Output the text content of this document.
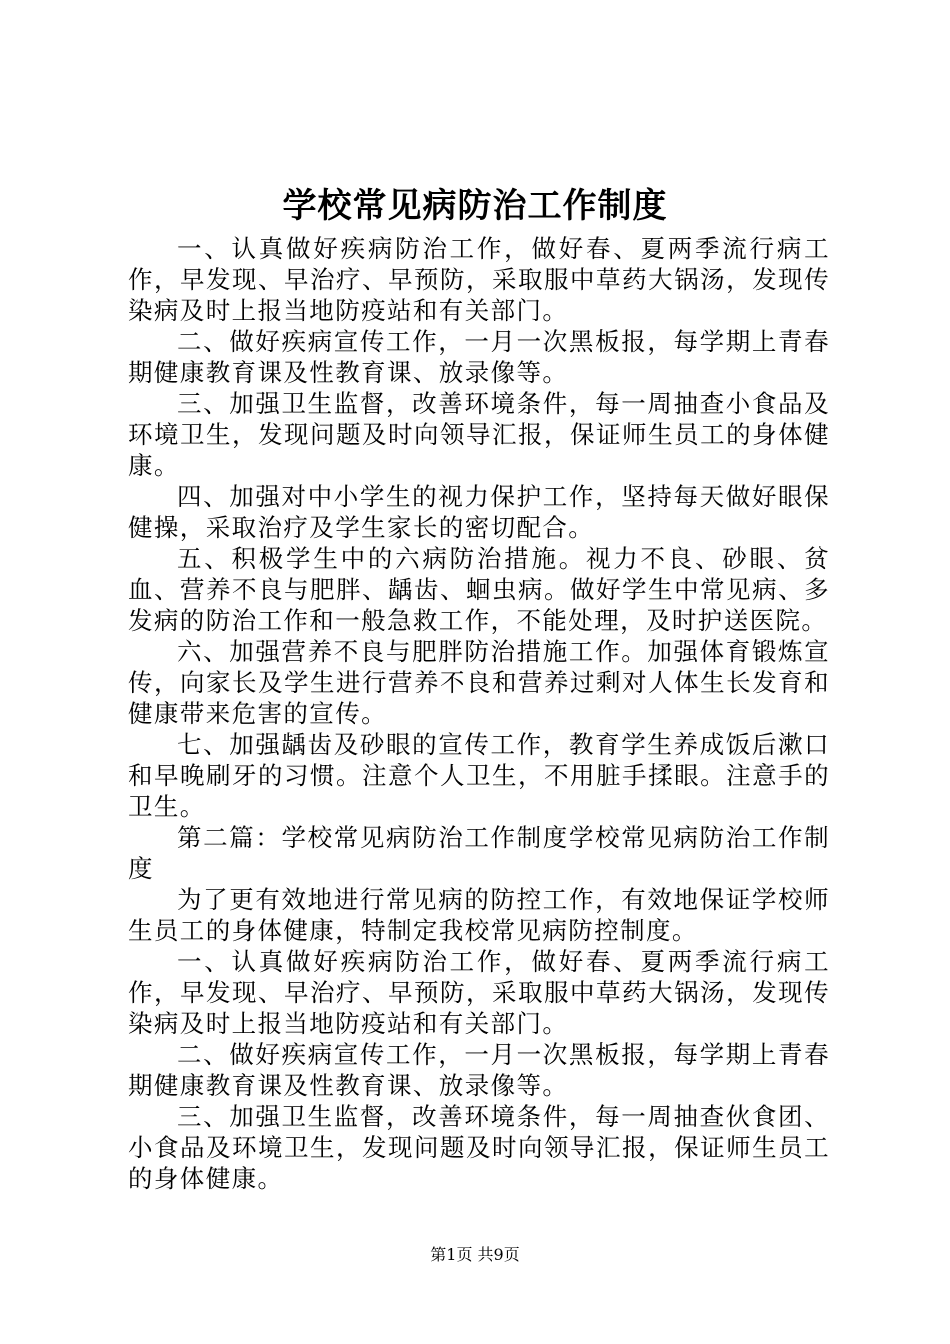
学校常见病防治工作制度

一、认真做好疾病防治工作，做好春、夏两季流行病工作，早发现、早治疗、早预防，采取服中草药大锅汤，发现传染病及时上报当地防疫站和有关部门。

二、做好疾病宣传工作，一月一次黑板报，每学期上青春期健康教育课及性教育课、放录像等。

三、加强卫生监督，改善环境条件，每一周抽查小食品及环境卫生，发现问题及时向领导汇报，保证师生员工的身体健康。

四、加强对中小学生的视力保护工作，坚持每天做好眼保健操，采取治疗及学生家长的密切配合。

五、积极学生中的六病防治措施。视力不良、砂眼、贫血、营养不良与肥胖、龋齿、蛔虫病。做好学生中常见病、多发病的防治工作和一般急救工作，不能处理，及时护送医院。

六、加强营养不良与肥胖防治措施工作。加强体育锻炼宣传，向家长及学生进行营养不良和营养过剩对人体生长发育和健康带来危害的宣传。

七、加强龋齿及砂眼的宣传工作，教育学生养成饭后漱口和早晚刷牙的习惯。注意个人卫生，不用脏手揉眼。注意手的卫生。

第二篇：学校常见病防治工作制度学校常见病防治工作制度

为了更有效地进行常见病的防控工作，有效地保证学校师生员工的身体健康，特制定我校常见病防控制度。

一、认真做好疾病防治工作，做好春、夏两季流行病工作，早发现、早治疗、早预防，采取服中草药大锅汤，发现传染病及时上报当地防疫站和有关部门。

二、做好疾病宣传工作，一月一次黑板报，每学期上青春期健康教育课及性教育课、放录像等。

三、加强卫生监督，改善环境条件，每一周抽查伙食团、小食品及环境卫生，发现问题及时向领导汇报，保证师生员工的身体健康。

第1页 共9页
